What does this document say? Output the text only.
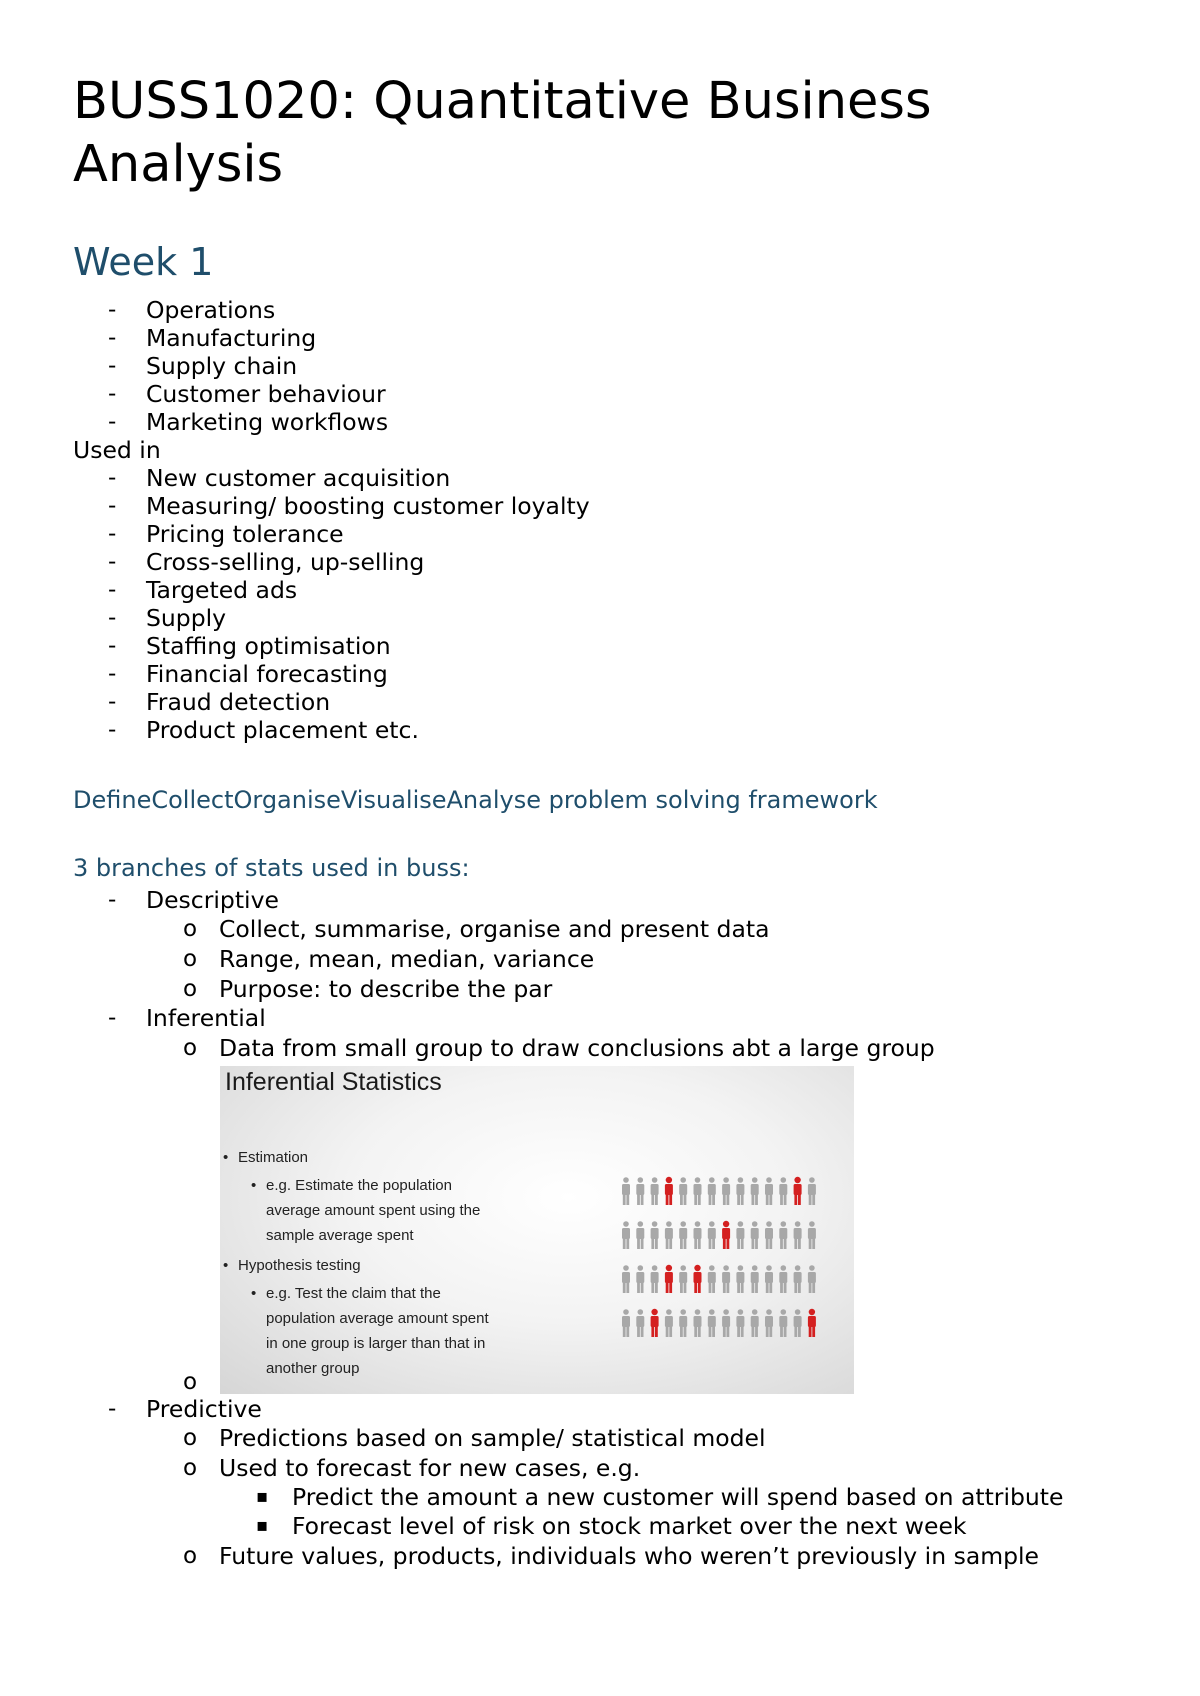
BUSS1020: Quantitative Business Analysis
Week 1
- Operations
- Manufacturing
- Supply chain
- Customer behaviour
- Marketing workflows
Used in
- New customer acquisition
- Measuring/ boosting customer loyalty
- Pricing tolerance
- Cross-selling, up-selling
- Targeted ads
- Supply
- Staffing optimisation
- Financial forecasting
- Fraud detection
- Product placement etc.
DefineCollectOrganiseVisualiseAnalyse problem solving framework
3 branches of stats used in buss:
- Descriptive
o Collect, summarise, organise and present data
o Range, mean, median, variance
o Purpose: to describe the par
- Inferential
o Data from small group to draw conclusions abt a large group
Inferential Statistics
• Estimation
• e.g. Estimate the population
average amount spent using the
sample average spent
• Hypothesis testing
• e.g. Test the claim that the
population average amount spent
in one group is larger than that in
another group
o
- Predictive
o Predictions based on sample/ statistical model
o Used to forecast for new cases, e.g.
▪ Predict the amount a new customer will spend based on attribute
▪ Forecast level of risk on stock market over the next week
o Future values, products, individuals who weren’t previously in sample
